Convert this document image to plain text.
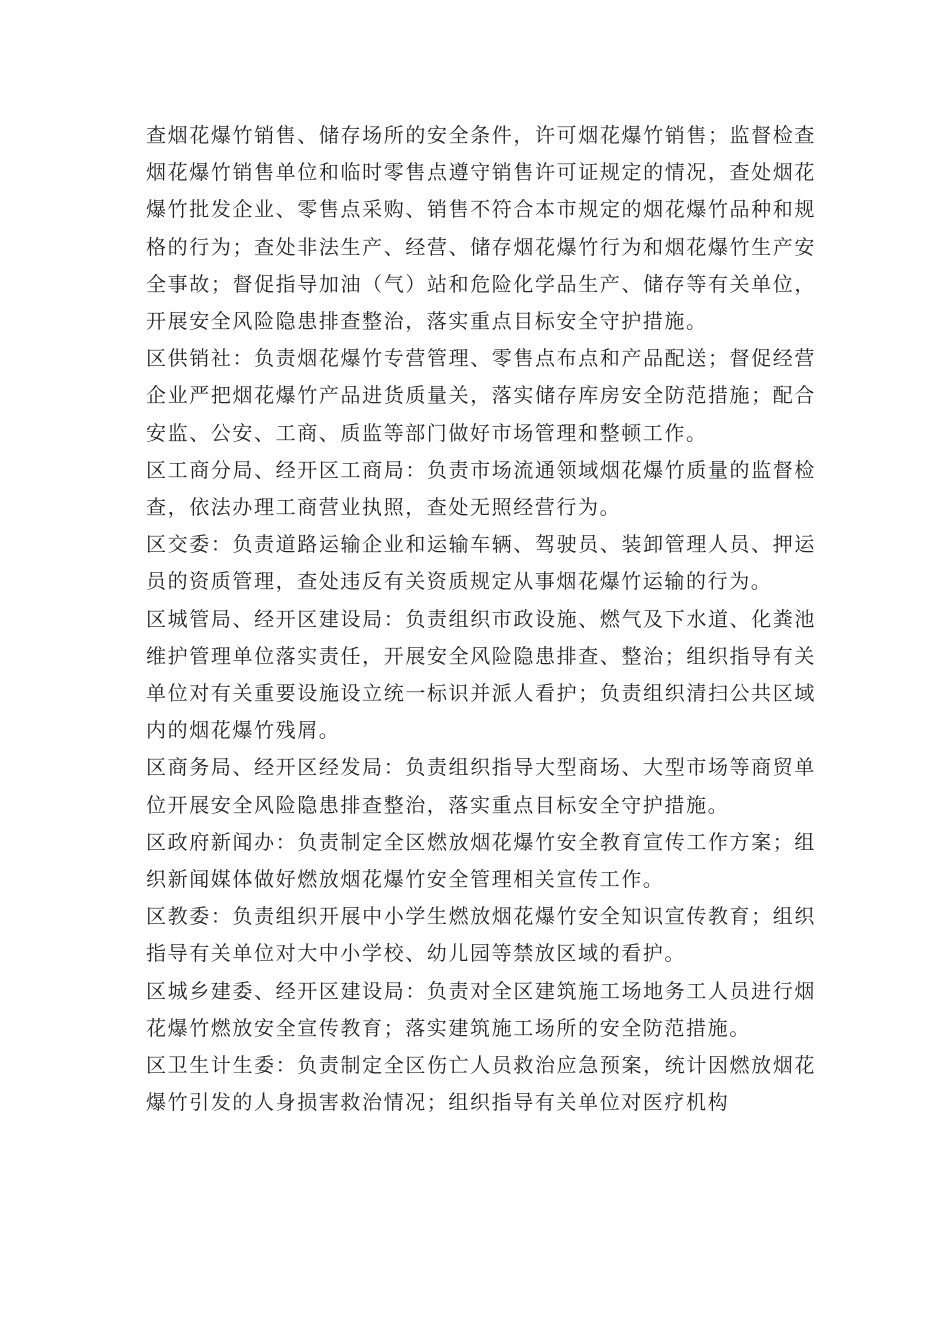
查烟花爆竹销售、储存场所的安全条件，许可烟花爆竹销售；监督检查烟花爆竹销售单位和临时零售点遵守销售许可证规定的情况，查处烟花爆竹批发企业、零售点采购、销售不符合本市规定的烟花爆竹品种和规格的行为；查处非法生产、经营、储存烟花爆竹行为和烟花爆竹生产安全事故；督促指导加油（气）站和危险化学品生产、储存等有关单位，开展安全风险隐患排查整治，落实重点目标安全守护措施。

区供销社：负责烟花爆竹专营管理、零售点布点和产品配送；督促经营企业严把烟花爆竹产品进货质量关，落实储存库房安全防范措施；配合安监、公安、工商、质监等部门做好市场管理和整顿工作。

区工商分局、经开区工商局：负责市场流通领域烟花爆竹质量的监督检查，依法办理工商营业执照，查处无照经营行为。

区交委：负责道路运输企业和运输车辆、驾驶员、装卸管理人员、押运员的资质管理，查处违反有关资质规定从事烟花爆竹运输的行为。

区城管局、经开区建设局：负责组织市政设施、燃气及下水道、化粪池维护管理单位落实责任，开展安全风险隐患排查、整治；组织指导有关单位对有关重要设施设立统一标识并派人看护；负责组织清扫公共区域内的烟花爆竹残屑。

区商务局、经开区经发局：负责组织指导大型商场、大型市场等商贸单位开展安全风险隐患排查整治，落实重点目标安全守护措施。

区政府新闻办：负责制定全区燃放烟花爆竹安全教育宣传工作方案；组织新闻媒体做好燃放烟花爆竹安全管理相关宣传工作。

区教委：负责组织开展中小学生燃放烟花爆竹安全知识宣传教育；组织指导有关单位对大中小学校、幼儿园等禁放区域的看护。

区城乡建委、经开区建设局：负责对全区建筑施工场地务工人员进行烟花爆竹燃放安全宣传教育；落实建筑施工场所的安全防范措施。

区卫生计生委：负责制定全区伤亡人员救治应急预案，统计因燃放烟花爆竹引发的人身损害救治情况；组织指导有关单位对医疗机构
